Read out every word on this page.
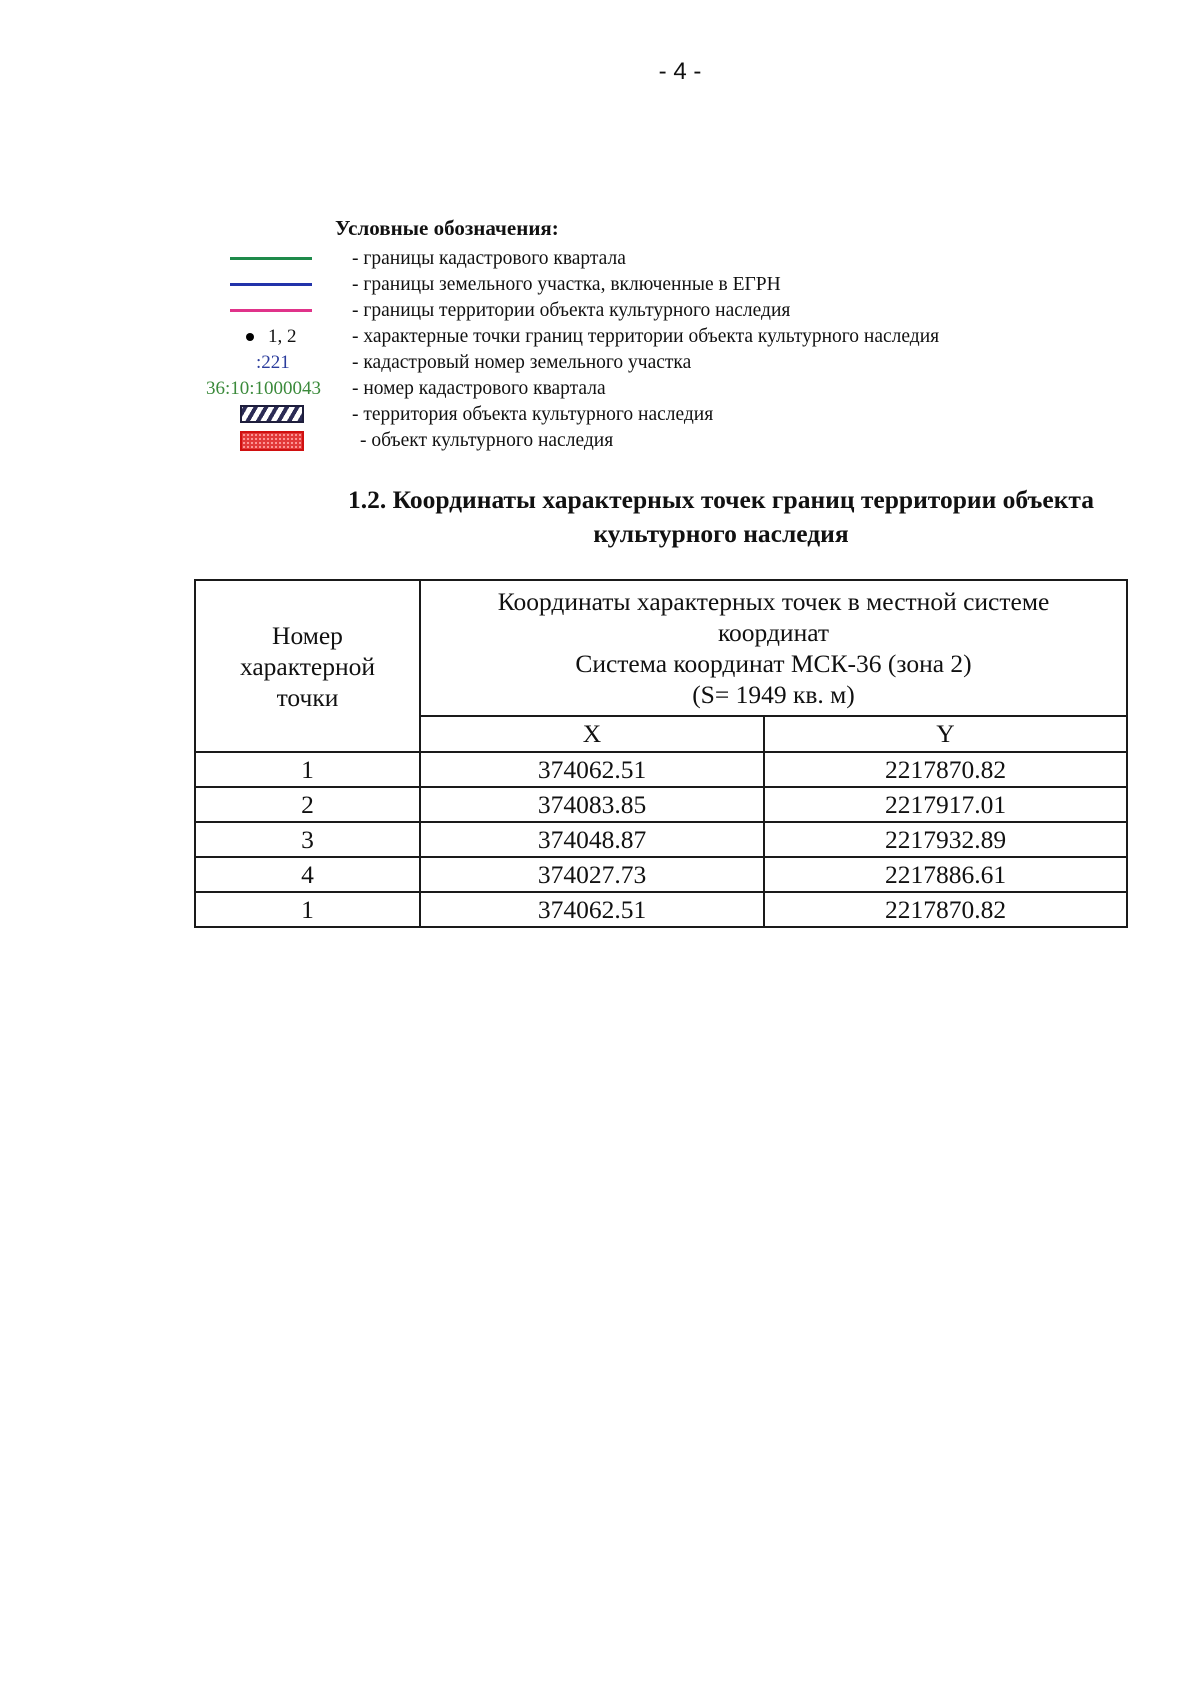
- 4 -
Условные обозначения:
- границы кадастрового квартала
- границы земельного участка, включенные в ЕГРН
- границы территории объекта культурного наследия
1, 2	- характерные точки границ территории объекта культурного наследия
:221	- кадастровый номер земельного участка
36:10:1000043 - номер кадастрового квартала
- территория объекта культурного наследия
- объект культурного наследия
1.2. Координаты характерных точек границ территории объекта
культурного наследия
Номер
характерной
точки	Координаты характерных точек в местной системе
координат
Система координат МСК-36 (зона 2)
(S= 1949 кв. м)	

	X	Y
1	374062.51	2217870.82
2	374083.85	2217917.01
3	374048.87	2217932.89
4	374027.73	2217886.61
1	374062.51	2217870.82
